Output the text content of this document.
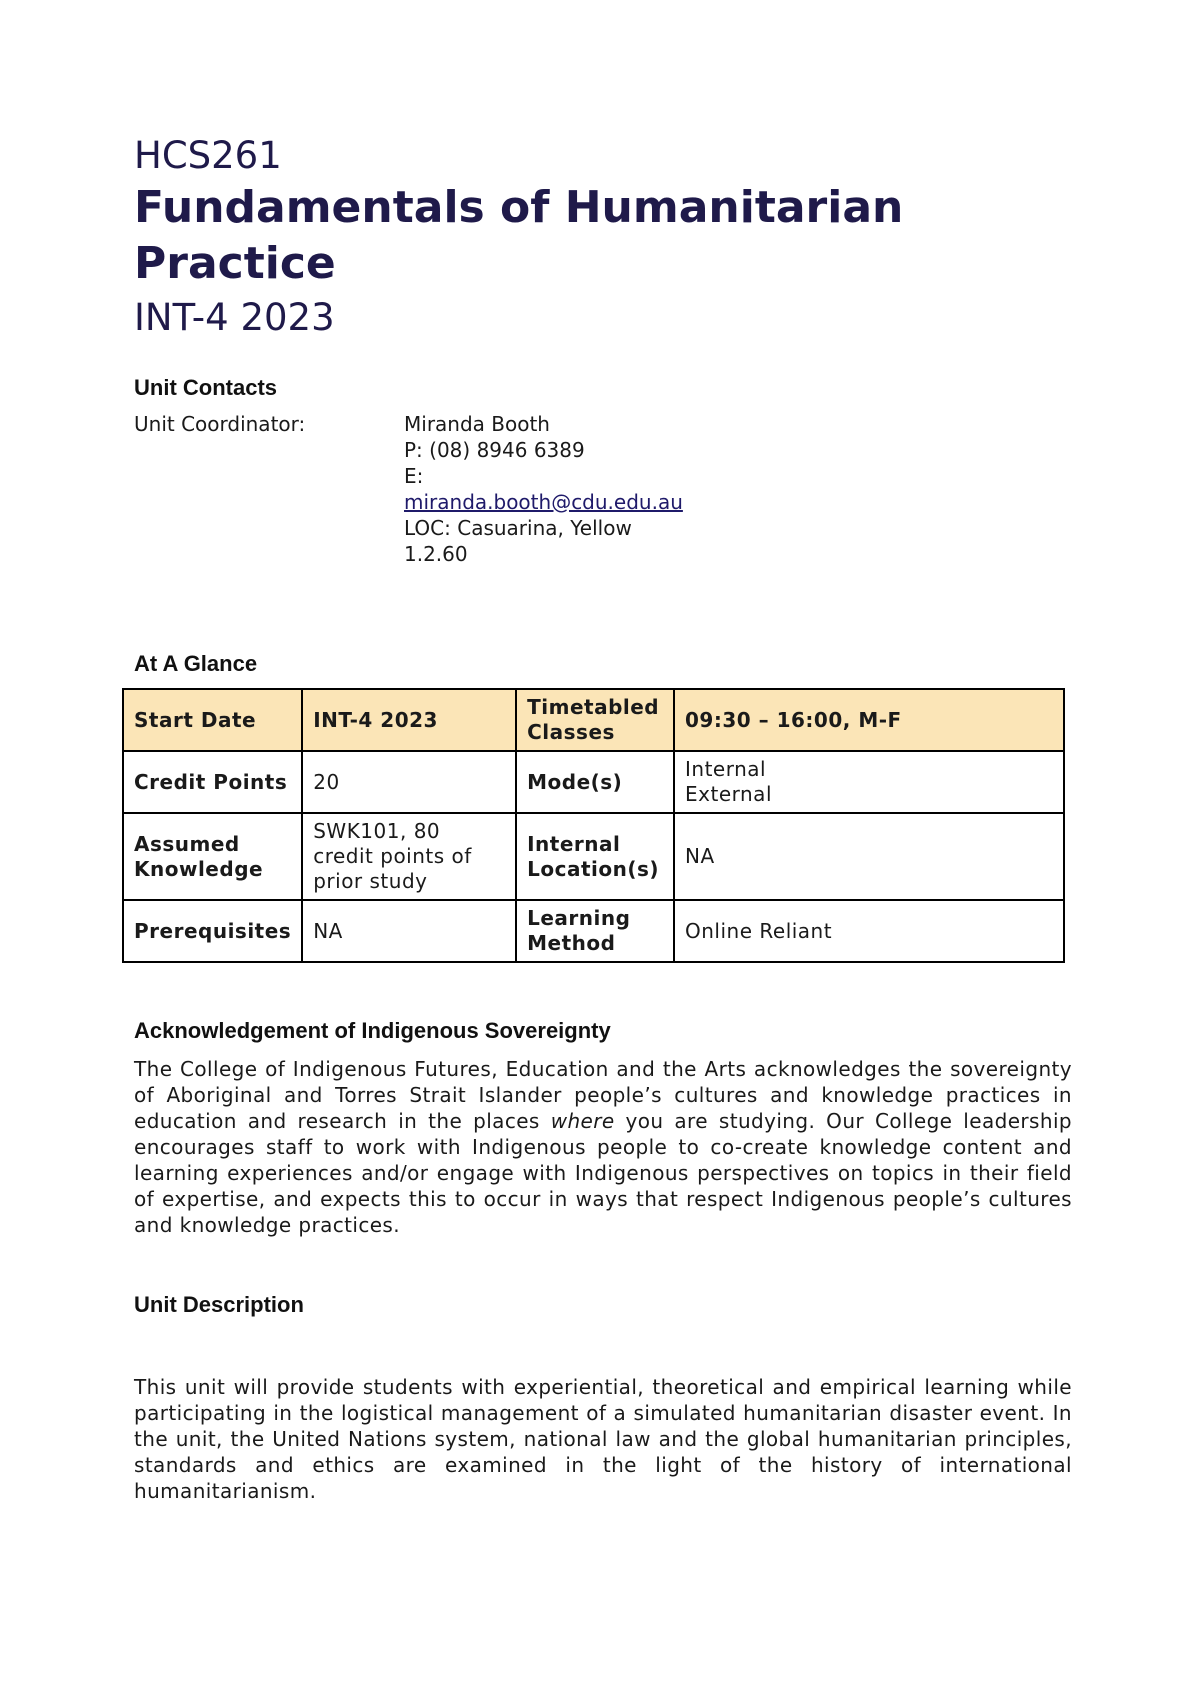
HCS261
Fundamentals of Humanitarian Practice
INT-4 2023
Unit Contacts
Unit Coordinator:	Miranda Booth
P: (08) 8946 6389
E:
miranda.booth@cdu.edu.au
LOC: Casuarina, Yellow
1.2.60
At A Glance
Start Date	INT-4 2023	Timetabled Classes	09:30 – 16:00, M-F
Credit Points	20	Mode(s)	Internal
External

Assumed Knowledge	SWK101, 80 credit points of prior study	Internal Location(s)	NA
Prerequisites	NA	Learning Method	Online Reliant
Acknowledgement of Indigenous Sovereignty
The College of Indigenous Futures, Education and the Arts acknowledges the sovereignty of Aboriginal and Torres Strait Islander people’s cultures and knowledge practices in education and research in the places where you are studying. Our College leadership encourages staff to work with Indigenous people to co-create knowledge content and learning experiences and/or engage with Indigenous perspectives on topics in their field of expertise, and expects this to occur in ways that respect Indigenous people’s cultures and knowledge practices.
Unit Description
This unit will provide students with experiential, theoretical and empirical learning while participating in the logistical management of a simulated humanitarian disaster event. In the unit, the United Nations system, national law and the global humanitarian principles, standards and ethics are examined in the light of the history of international humanitarianism.
